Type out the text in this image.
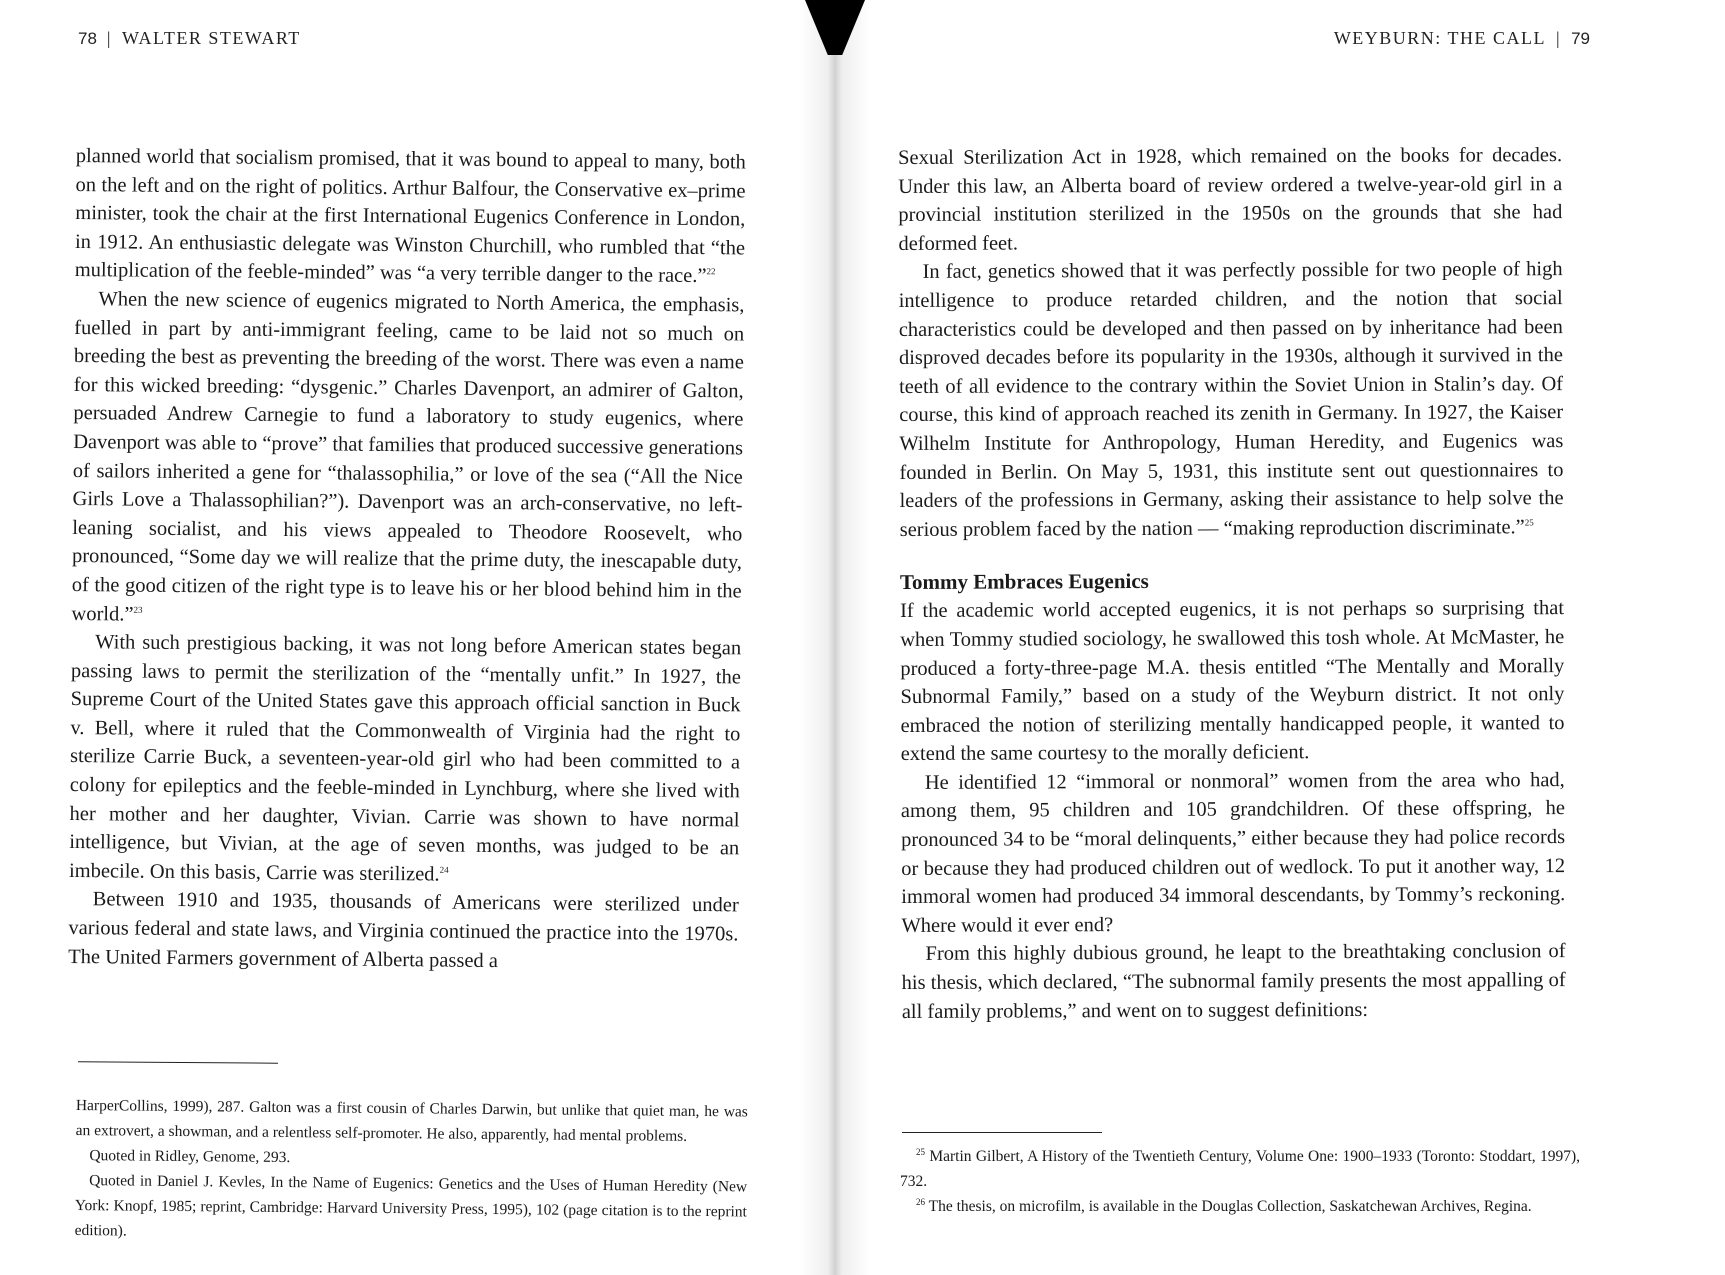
78 | WALTER STEWART

planned world that socialism promised, that it was bound to appeal to many, both on the left and on the right of politics. Arthur Balfour, the Conservative ex–prime minister, took the chair at the first International Eugenics Conference in London, in 1912. An enthusiastic delegate was Winston Churchill, who rumbled that “the multiplication of the feeble-minded” was “a very terrible danger to the race.”$^{22}$

When the new science of eugenics migrated to North America, the emphasis, fuelled in part by anti-immigrant feeling, came to be laid not so much on breeding the best as preventing the breeding of the worst. There was even a name for this wicked breeding: “dysgenic.” Charles Davenport, an admirer of Galton, persuaded Andrew Carnegie to fund a laboratory to study eugenics, where Davenport was able to “prove” that families that produced successive generations of sailors inherited a gene for “thalassophilia,” or love of the sea (“All the Nice Girls Love a Thalassophilian?”). Davenport was an arch-conservative, no left-leaning socialist, and his views appealed to Theodore Roosevelt, who pronounced, “Some day we will realize that the prime duty, the inescapable duty, of the good citizen of the right type is to leave his or her blood behind him in the world.”$^{23}$

With such prestigious backing, it was not long before American states began passing laws to permit the sterilization of the “mentally unfit.” In 1927, the Supreme Court of the United States gave this approach official sanction in Buck v. Bell, where it ruled that the Commonwealth of Virginia had the right to sterilize Carrie Buck, a seventeen-year-old girl who had been committed to a colony for epileptics and the feeble-minded in Lynchburg, where she lived with her mother and her daughter, Vivian. Carrie was shown to have normal intelligence, but Vivian, at the age of seven months, was judged to be an imbecile. On this basis, Carrie was sterilized.$^{24}$

Between 1910 and 1935, thousands of Americans were sterilized under various federal and state laws, and Virginia continued the practice into the 1970s. The United Farmers government of Alberta passed a

HarperCollins, 1999), 287. Galton was a first cousin of Charles Darwin, but unlike that quiet man, he was an extrovert, a showman, and a relentless self-promoter. He also, apparently, had mental problems.

Quoted in Ridley, Genome, 293.

Quoted in Daniel J. Kevles, In the Name of Eugenics: Genetics and the Uses of Human Heredity (New York: Knopf, 1985; reprint, Cambridge: Harvard University Press, 1995), 102 (page citation is to the reprint edition).

WEYBURN: THE CALL | 79

Sexual Sterilization Act in 1928, which remained on the books for decades. Under this law, an Alberta board of review ordered a twelve-year-old girl in a provincial institution sterilized in the 1950s on the grounds that she had deformed feet.

In fact, genetics showed that it was perfectly possible for two people of high intelligence to produce retarded children, and the notion that social characteristics could be developed and then passed on by inheritance had been disproved decades before its popularity in the 1930s, although it survived in the teeth of all evidence to the contrary within the Soviet Union in Stalin’s day. Of course, this kind of approach reached its zenith in Germany. In 1927, the Kaiser Wilhelm Institute for Anthropology, Human Heredity, and Eugenics was founded in Berlin. On May 5, 1931, this institute sent out questionnaires to leaders of the professions in Germany, asking their assistance to help solve the serious problem faced by the nation — “making reproduction discriminate.”$^{25}$

Tommy Embraces Eugenics

If the academic world accepted eugenics, it is not perhaps so surprising that when Tommy studied sociology, he swallowed this tosh whole. At McMaster, he produced a forty-three-page M.A. thesis entitled “The Mentally and Morally Subnormal Family,” based on a study of the Weyburn district. It not only embraced the notion of sterilizing mentally handicapped people, it wanted to extend the same courtesy to the morally deficient.

He identified 12 “immoral or nonmoral” women from the area who had, among them, 95 children and 105 grandchildren. Of these offspring, he pronounced 34 to be “moral delinquents,” either because they had police records or because they had produced children out of wedlock. To put it another way, 12 immoral women had produced 34 immoral descendants, by Tommy’s reckoning. Where would it ever end?

From this highly dubious ground, he leapt to the breathtaking conclusion of his thesis, which declared, “The subnormal family presents the most appalling of all family problems,” and went on to suggest definitions:

$^{25}$ Martin Gilbert, A History of the Twentieth Century, Volume One: 1900–1933 (Toronto: Stoddart, 1997), 732.

$^{26}$ The thesis, on microfilm, is available in the Douglas Collection, Saskatchewan Archives, Regina.
